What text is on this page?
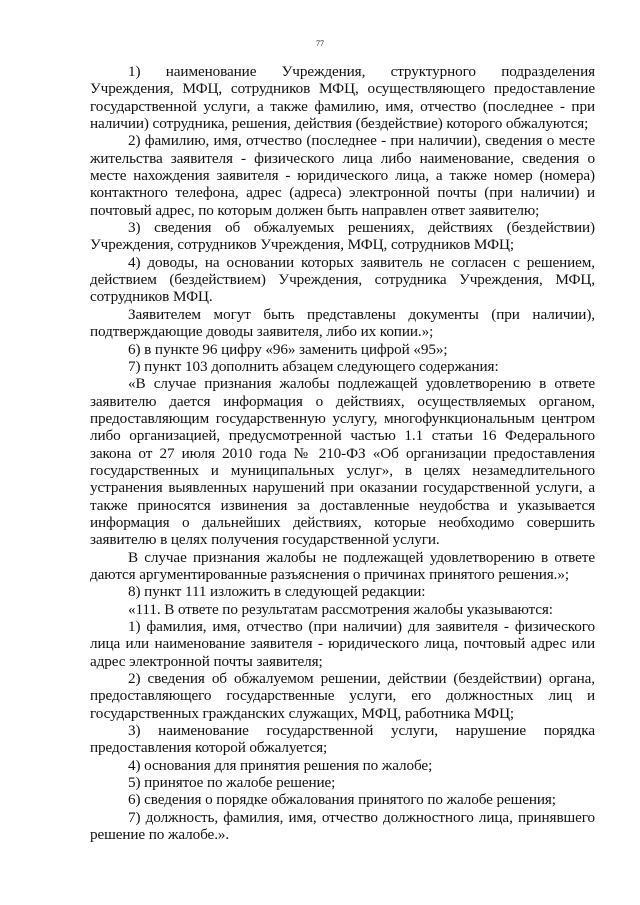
77

1) наименование Учреждения, структурного подразделения Учреждения, МФЦ, сотрудников МФЦ, осуществляющего предоставление государственной услуги, а также фамилию, имя, отчество (последнее - при наличии) сотрудника, решения, действия (бездействие) которого обжалуются;

2) фамилию, имя, отчество (последнее - при наличии), сведения о месте жительства заявителя - физического лица либо наименование, сведения о месте нахождения заявителя - юридического лица, а также номер (номера) контактного телефона, адрес (адреса) электронной почты (при наличии) и почтовый адрес, по которым должен быть направлен ответ заявителю;

3) сведения об обжалуемых решениях, действиях (бездействии) Учреждения, сотрудников Учреждения, МФЦ, сотрудников МФЦ;

4) доводы, на основании которых заявитель не согласен с решением, действием (бездействием) Учреждения, сотрудника Учреждения, МФЦ, сотрудников МФЦ.

Заявителем могут быть представлены документы (при наличии), подтверждающие доводы заявителя, либо их копии.»;

6) в пункте 96 цифру «96» заменить цифрой «95»;

7) пункт 103 дополнить абзацем следующего содержания:

«В случае признания жалобы подлежащей удовлетворению в ответе заявителю дается информация о действиях, осуществляемых органом, предоставляющим государственную услугу, многофункциональным центром либо организацией, предусмотренной частью 1.1 статьи 16 Федерального закона от 27 июля 2010 года № 210-ФЗ «Об организации предоставления государственных и муниципальных услуг», в целях незамедлительного устранения выявленных нарушений при оказании государственной услуги, а также приносятся извинения за доставленные неудобства и указывается информация о дальнейших действиях, которые необходимо совершить заявителю в целях получения государственной услуги.

В случае признания жалобы не подлежащей удовлетворению в ответе даются аргументированные разъяснения о причинах принятого решения.»;

8) пункт 111 изложить в следующей редакции:

«111. В ответе по результатам рассмотрения жалобы указываются:

1) фамилия, имя, отчество (при наличии) для заявителя - физического лица или наименование заявителя - юридического лица, почтовый адрес или адрес электронной почты заявителя;

2) сведения об обжалуемом решении, действии (бездействии) органа, предоставляющего государственные услуги, его должностных лиц и государственных гражданских служащих, МФЦ, работника МФЦ;

3) наименование государственной услуги, нарушение порядка предоставления которой обжалуется;

4) основания для принятия решения по жалобе;

5) принятое по жалобе решение;

6) сведения о порядке обжалования принятого по жалобе решения;

7) должность, фамилия, имя, отчество должностного лица, принявшего решение по жалобе.».
